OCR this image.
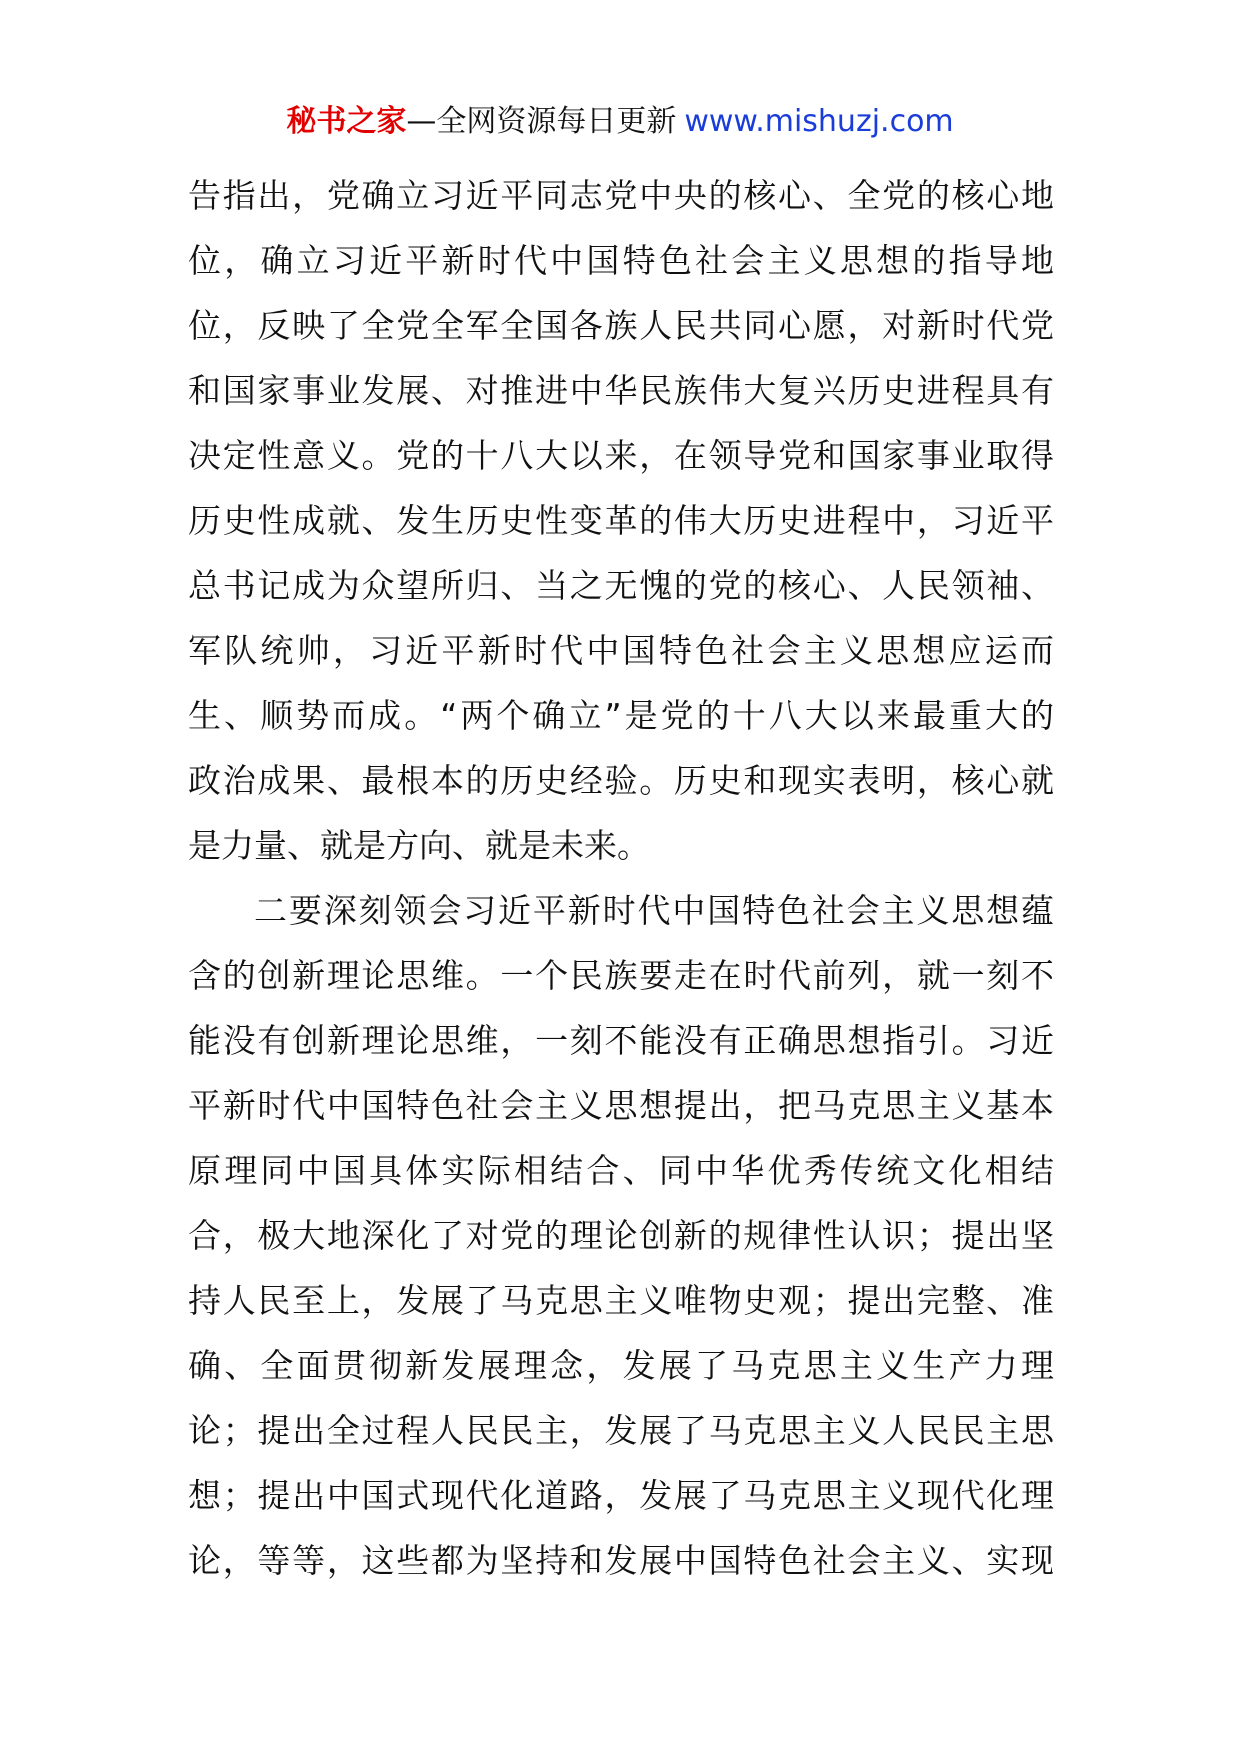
秘书之家—全网资源每日更新 www.mishuzj.com
告指出，党确立习近平同志党中央的核心、全党的核心地
位，确立习近平新时代中国特色社会主义思想的指导地
位，反映了全党全军全国各族人民共同心愿，对新时代党
和国家事业发展、对推进中华民族伟大复兴历史进程具有
决定性意义。党的十八大以来，在领导党和国家事业取得
历史性成就、发生历史性变革的伟大历史进程中，习近平
总书记成为众望所归、当之无愧的党的核心、人民领袖、
军队统帅，习近平新时代中国特色社会主义思想应运而
生、顺势而成。“两个确立”是党的十八大以来最重大的
政治成果、最根本的历史经验。历史和现实表明，核心就
是力量、就是方向、就是未来。
二要深刻领会习近平新时代中国特色社会主义思想蕴
含的创新理论思维。一个民族要走在时代前列，就一刻不
能没有创新理论思维，一刻不能没有正确思想指引。习近
平新时代中国特色社会主义思想提出，把马克思主义基本
原理同中国具体实际相结合、同中华优秀传统文化相结
合，极大地深化了对党的理论创新的规律性认识；提出坚
持人民至上，发展了马克思主义唯物史观；提出完整、准
确、全面贯彻新发展理念，发展了马克思主义生产力理
论；提出全过程人民民主，发展了马克思主义人民民主思
想；提出中国式现代化道路，发展了马克思主义现代化理
论，等等，这些都为坚持和发展中国特色社会主义、实现
